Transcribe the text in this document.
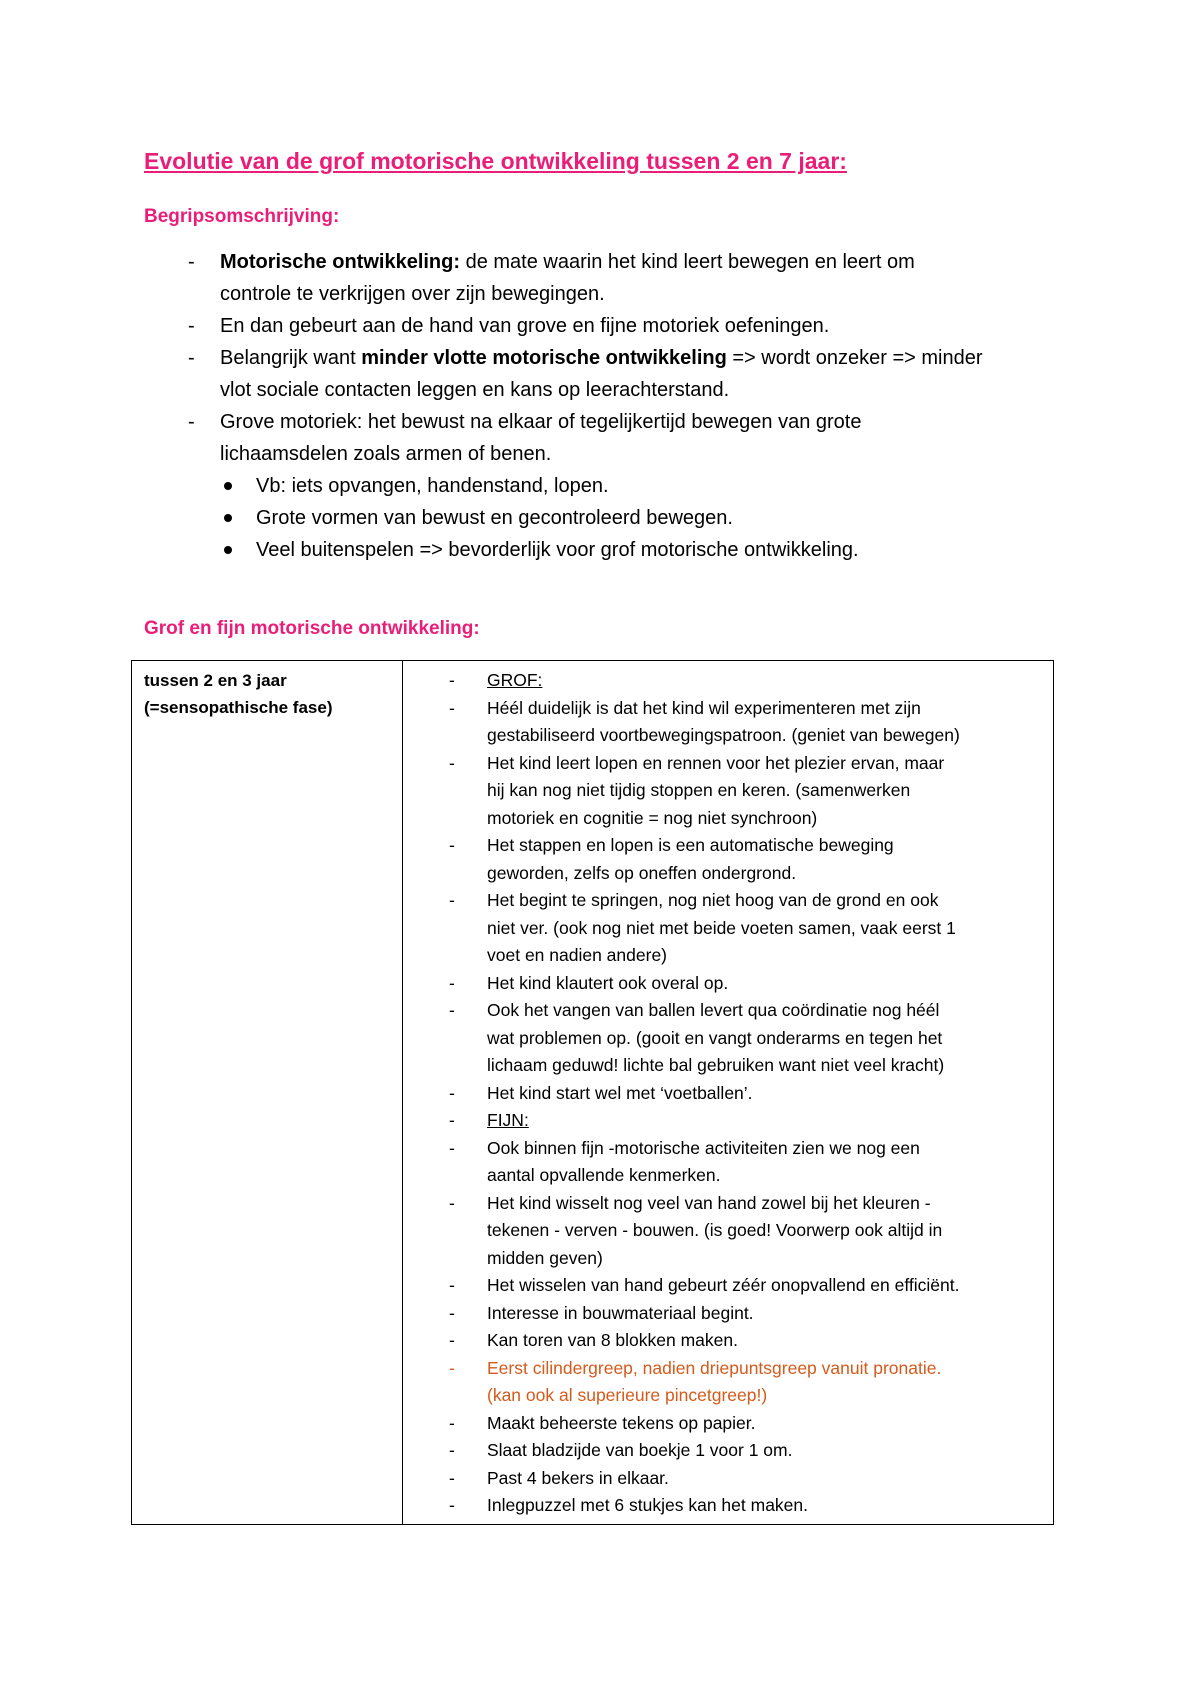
Evolutie van de grof motorische ontwikkeling tussen 2 en 7 jaar:
Begripsomschrijving:
- Motorische ontwikkeling: de mate waarin het kind leert bewegen en leert om
controle te verkrijgen over zijn bewegingen.
- En dan gebeurt aan de hand van grove en fijne motoriek oefeningen.
- Belangrijk want minder vlotte motorische ontwikkeling => wordt onzeker => minder
vlot sociale contacten leggen en kans op leerachterstand.
- Grove motoriek: het bewust na elkaar of tegelijkertijd bewegen van grote
lichaamsdelen zoals armen of benen.
Vb: iets opvangen, handenstand, lopen.
Grote vormen van bewust en gecontroleerd bewegen.
Veel buitenspelen => bevorderlijk voor grof motorische ontwikkeling.
Grof en fijn motorische ontwikkeling:
tussen 2 en 3 jaar
(=sensopathische fase)

- GROF:
- Héél duidelijk is dat het kind wil experimenteren met zijn
gestabiliseerd voortbewegingspatroon. (geniet van bewegen)
- Het kind leert lopen en rennen voor het plezier ervan, maar
hij kan nog niet tijdig stoppen en keren. (samenwerken
motoriek en cognitie = nog niet synchroon)
- Het stappen en lopen is een automatische beweging
geworden, zelfs op oneffen ondergrond.
- Het begint te springen, nog niet hoog van de grond en ook
niet ver. (ook nog niet met beide voeten samen, vaak eerst 1
voet en nadien andere)
- Het kind klautert ook overal op.
- Ook het vangen van ballen levert qua coördinatie nog héél
wat problemen op. (gooit en vangt onderarms en tegen het
lichaam geduwd! lichte bal gebruiken want niet veel kracht)
- Het kind start wel met ‘voetballen’.
- FIJN:
- Ook binnen fijn -motorische activiteiten zien we nog een
aantal opvallende kenmerken.
- Het kind wisselt nog veel van hand zowel bij het kleuren -
tekenen - verven - bouwen. (is goed! Voorwerp ook altijd in
midden geven)
- Het wisselen van hand gebeurt zéér onopvallend en efficiënt.
- Interesse in bouwmateriaal begint.
- Kan toren van 8 blokken maken.
- Eerst cilindergreep, nadien driepuntsgreep vanuit pronatie.
(kan ook al superieure pincetgreep!)
- Maakt beheerste tekens op papier.
- Slaat bladzijde van boekje 1 voor 1 om.
- Past 4 bekers in elkaar.
- Inlegpuzzel met 6 stukjes kan het maken.
